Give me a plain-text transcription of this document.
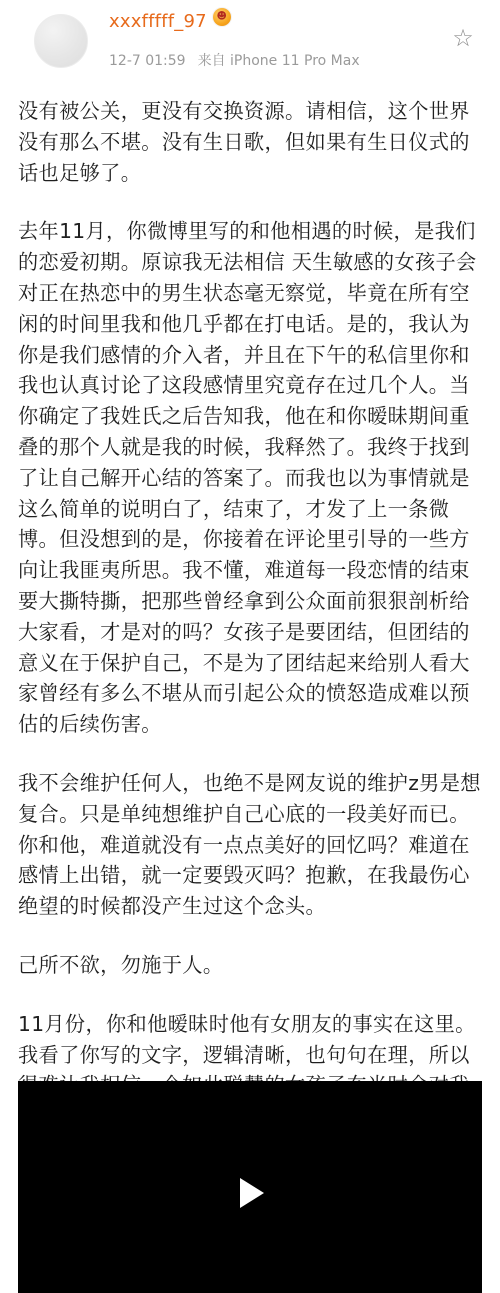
xxxfffff_97 ☻
12-7 01:59 来自 iPhone 11 Pro Max
☆

没有被公关，更没有交换资源。请相信，这个世界没有那么不堪。没有生日歌，但如果有生日仪式的话也足够了。

去年11月，你微博里写的和他相遇的时候，是我们的恋爱初期。原谅我无法相信 天生敏感的女孩子会对正在热恋中的男生状态毫无察觉，毕竟在所有空闲的时间里我和他几乎都在打电话。是的，我认为你是我们感情的介入者，并且在下午的私信里你和我也认真讨论了这段感情里究竟存在过几个人。当你确定了我姓氏之后告知我，他在和你暧昧期间重叠的那个人就是我的时候，我释然了。我终于找到了让自己解开心结的答案了。而我也以为事情就是这么简单的说明白了，结束了，才发了上一条微博。但没想到的是，你接着在评论里引导的一些方向让我匪夷所思。我不懂，难道每一段恋情的结束要大撕特撕，把那些曾经拿到公众面前狠狠剖析给大家看，才是对的吗？女孩子是要团结，但团结的意义在于保护自己，不是为了团结起来给别人看大家曾经有多么不堪从而引起公众的愤怒造成难以预估的后续伤害。

我不会维护任何人，也绝不是网友说的维护z男是想复合。只是单纯想维护自己心底的一段美好而已。你和他，难道就没有一点点美好的回忆吗？难道在感情上出错，就一定要毁灭吗？抱歉，在我最伤心绝望的时候都没产生过这个念头。

己所不欲，勿施于人。

11月份，你和他暧昧时他有女朋友的事实在这里。我看了你写的文字，逻辑清晰，也句句在理，所以
